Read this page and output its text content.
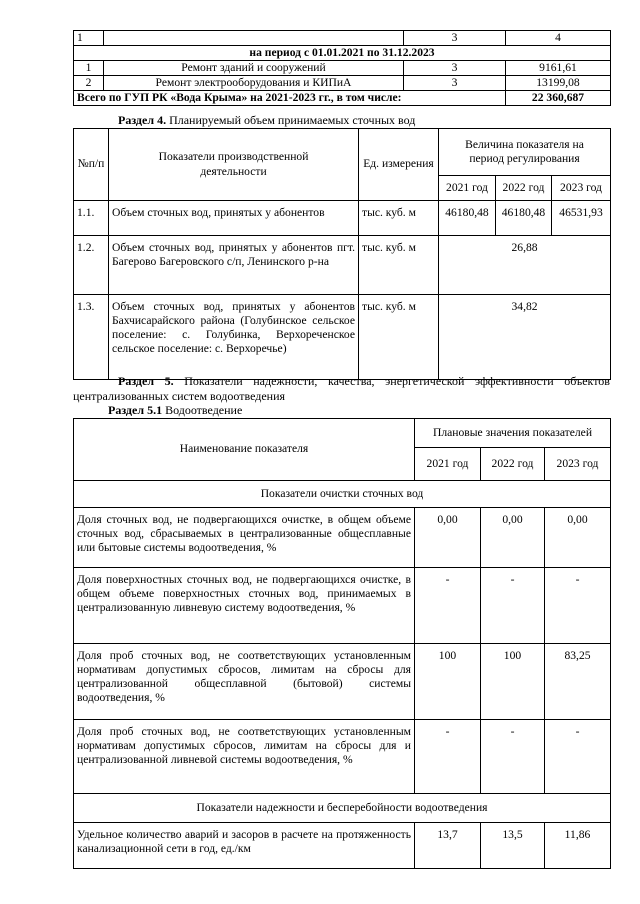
1		3	4
на период с 01.01.2021 по 31.12.2023			
1	Ремонт зданий и сооружений	3	9161,61
2	Ремонт электрооборудования и КИПиА	3	13199,08
Всего по ГУП РК «Вода Крыма» на 2021-2023 гг., в том числе:			22 360,687
Раздел 4. Планируемый объем принимаемых сточных вод
№п/п	Показатели производственной деятельности	Ед. измерения	Величина показателя на период регулирования		
			2021 год	2022 год	2023 год
1.1.	Объем сточных вод, принятых у абонентов	тыс. куб. м	46180,48	46180,48	46531,93
1.2.	Объем сточных вод, принятых у абонентов пгт. Багерово Багеровского с/п, Ленинского р-на	тыс. куб. м	26,88		
1.3.	Объем сточных вод, принятых у абонентов Бахчисарайского района (Голубинское сельское поселение: с. Голубинка, Верхореченское сельское поселение: с. Верхоречье)	тыс. куб. м	34,82		
Раздел 5. Показатели надежности, качества, энергетической эффективности объектов централизованных систем водоотведения
Раздел 5.1 Водоотведение
Наименование показателя	Плановые значения показателей		
	2021 год	2022 год	2023 год
Показатели очистки сточных вод			
Доля сточных вод, не подвергающихся очистке, в общем объеме сточных вод, сбрасываемых в централизованные общесплавные или бытовые системы водоотведения, %	0,00	0,00	0,00
Доля поверхностных сточных вод, не подвергающихся очистке, в общем объеме поверхностных сточных вод, принимаемых в централизованную ливневую систему водоотведения, %	-	-	-
Доля проб сточных вод, не соответствующих установленным нормативам допустимых сбросов, лимитам на сбросы для централизованной общесплавной (бытовой) системы водоотведения, %	100	100	83,25
Доля проб сточных вод, не соответствующих установленным нормативам допустимых сбросов, лимитам на сбросы для и централизованной ливневой системы водоотведения, %	-	-	-
Показатели надежности и бесперебойности водоотведения			
Удельное количество аварий и засоров в расчете на протяженность канализационной сети в год, ед./км	13,7	13,5	11,86
